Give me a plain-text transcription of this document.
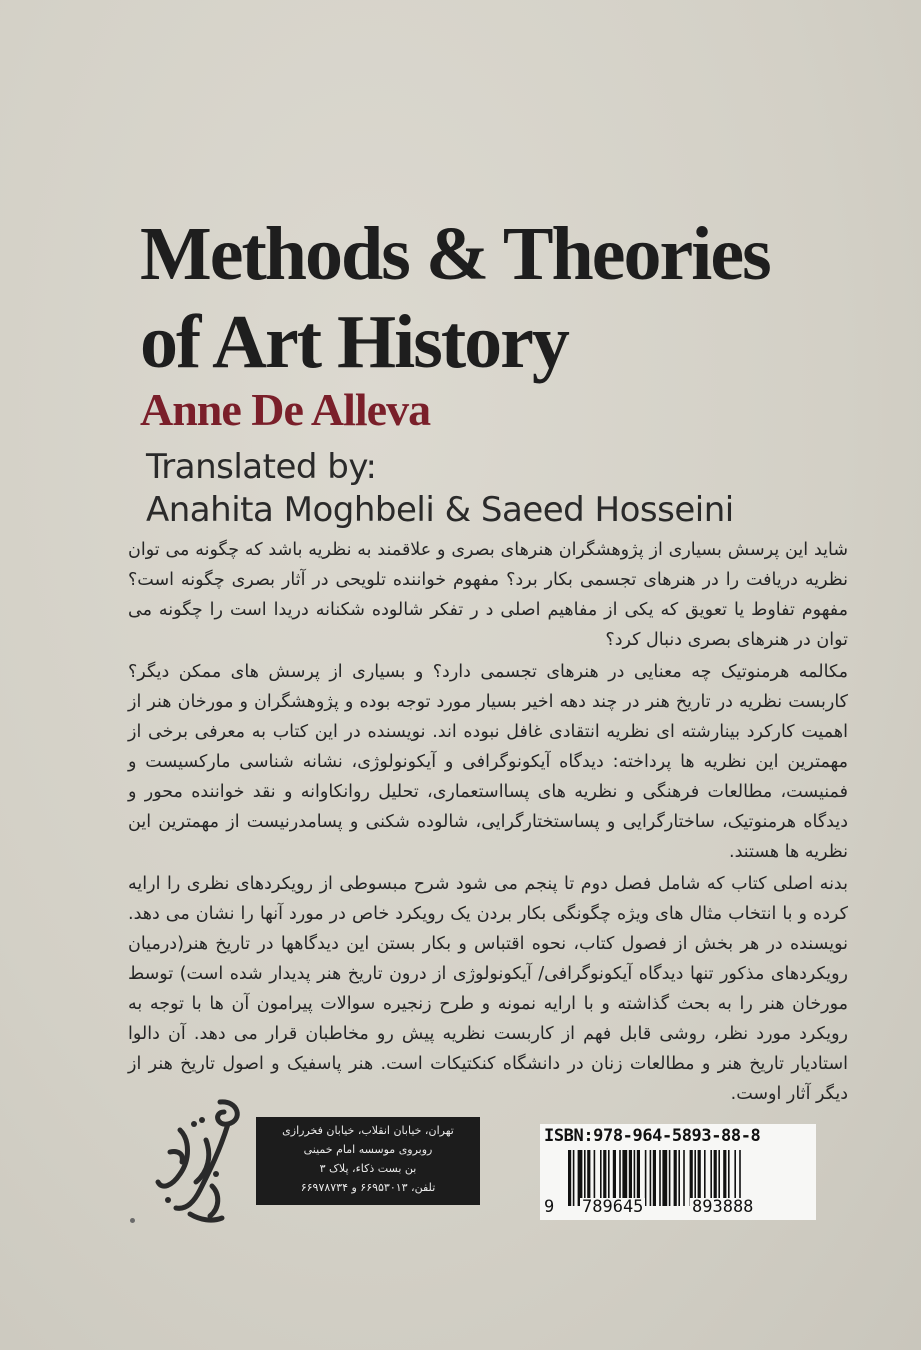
Methods & Theories
of Art History
Anne De Alleva
Translated by:
Anahita Moghbeli & Saeed Hosseini

شاید این پرسش بسیاری از پژوهشگران هنرهای بصری و علاقمند به نظریه باشد که چگونه می توان نظریه دریافت را در هنرهای تجسمی بکار برد؟ مفهوم خواننده تلویحی در آثار بصری چگونه است؟ مفهوم تفاوط یا تعویق که یکی از مفاهیم اصلی د ر تفکر شالوده شکنانه دریدا است را چگونه می توان در هنرهای بصری دنبال کرد؟

مکالمه هرمنوتیک چه معنایی در هنرهای تجسمی دارد؟ و بسیاری از پرسش های ممکن دیگر؟ کاربست نظریه در تاریخ هنر در چند دهه اخیر بسیار مورد توجه بوده و پژوهشگران و مورخان هنر از اهمیت کارکرد بینارشته ای نظریه انتقادی غافل نبوده اند. نویسنده در این کتاب به معرفی برخی از مهمترین این نظریه ها پرداخته: دیدگاه آیکونوگرافی و آیکونولوژی، نشانه شناسی مارکسیست و فمنیست، مطالعات فرهنگی و نظریه های پسااستعماری، تحلیل روانکاوانه و نقد خواننده محور و دیدگاه هرمنوتیک، ساختارگرایی و پساستختارگرایی، شالوده شکنی و پسامدرنیست از مهمترین این نظریه ها هستند.

بدنه اصلی کتاب که شامل فصل دوم تا پنجم می شود شرح مبسوطی از رویکردهای نظری را ارایه کرده و با انتخاب مثال های ویژه چگونگی بکار بردن یک رویکرد خاص در مورد آنها را نشان می دهد. نویسنده در هر بخش از فصول کتاب، نحوه اقتباس و بکار بستن این دیدگاهها در تاریخ هنر(درمیان رویکردهای مذکور تنها دیدگاه آیکونوگرافی/ آیکونولوژی از درون تاریخ هنر پدیدار شده است) توسط مورخان هنر را به بحث گذاشته و با ارایه نمونه و طرح زنجیره سوالات پیرامون آن ها با توجه به رویکرد مورد نظر، روشی قابل فهم از کاربست نظریه پیش رو مخاطبان قرار می دهد. آن دالوا استادیار تاریخ هنر و مطالعات زنان در دانشگاه کنکتیکات است. هنر پاسفیک و اصول تاریخ هنر از دیگر آثار اوست.

تهران، خیابان انقلاب، خیابان فخررازی
روبروی موسسه امام خمینی
بن بست ذکاء، پلاک ۳
تلفن، ۶۶۹۵۳۰۱۳ و ۶۶۹۷۸۷۳۴
ISBN:978-964-5893-88-8
9 789645	893888
